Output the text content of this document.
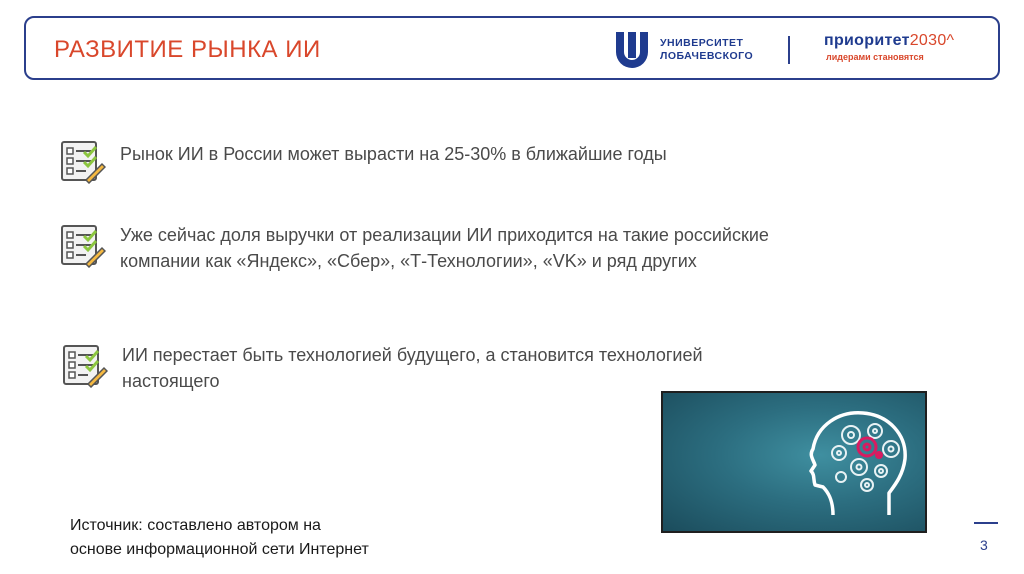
РАЗВИТИЕ РЫНКА ИИ	УНИВЕРСИТЕТ
ЛОБАЧЕВСКОГО
приоритет2030^
лидерами становятся
Рынок ИИ в России может вырасти на 25-30% в ближайшие годы
Уже сейчас доля выручки от реализации ИИ приходится на такие российские компании как «Яндекс», «Сбер», «Т-Технологии», «VK» и ряд других
ИИ перестает быть технологией будущего, а становится технологией настоящего
Источник: составлено автором на
основе информационной сети Интернет	3
